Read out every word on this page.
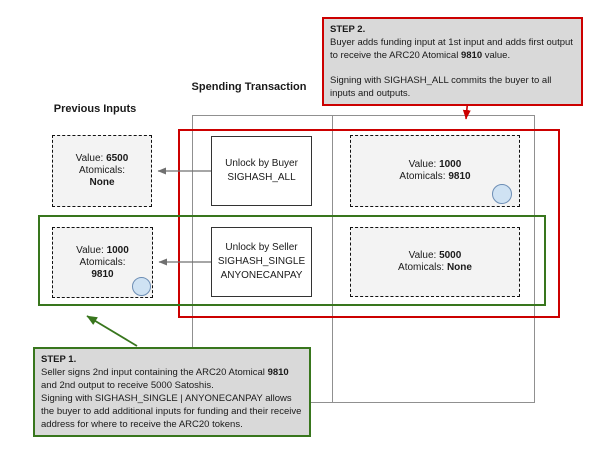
Previous Inputs
Spending Transaction
Value: 6500
Atomicals:
None
Value: 1000
Atomicals:
9810
Unlock by Buyer
SIGHASH_ALL
Unlock by Seller
SIGHASH_SINGLE
ANYONECANPAY
Value: 1000
Atomicals: 9810
Value: 5000
Atomicals: None
STEP 2.
Buyer adds funding input at 1st input and adds first output to receive the ARC20 Atomical 9810 value.
Signing with SIGHASH_ALL commits the buyer to all inputs and outputs.
STEP 1.
Seller signs 2nd input containing the ARC20 Atomical 9810 and 2nd output to receive 5000 Satoshis.
Signing with SIGHASH_SINGLE | ANYONECANPAY allows the buyer to add additional inputs for funding and their receive address for where to receive the ARC20 tokens.
